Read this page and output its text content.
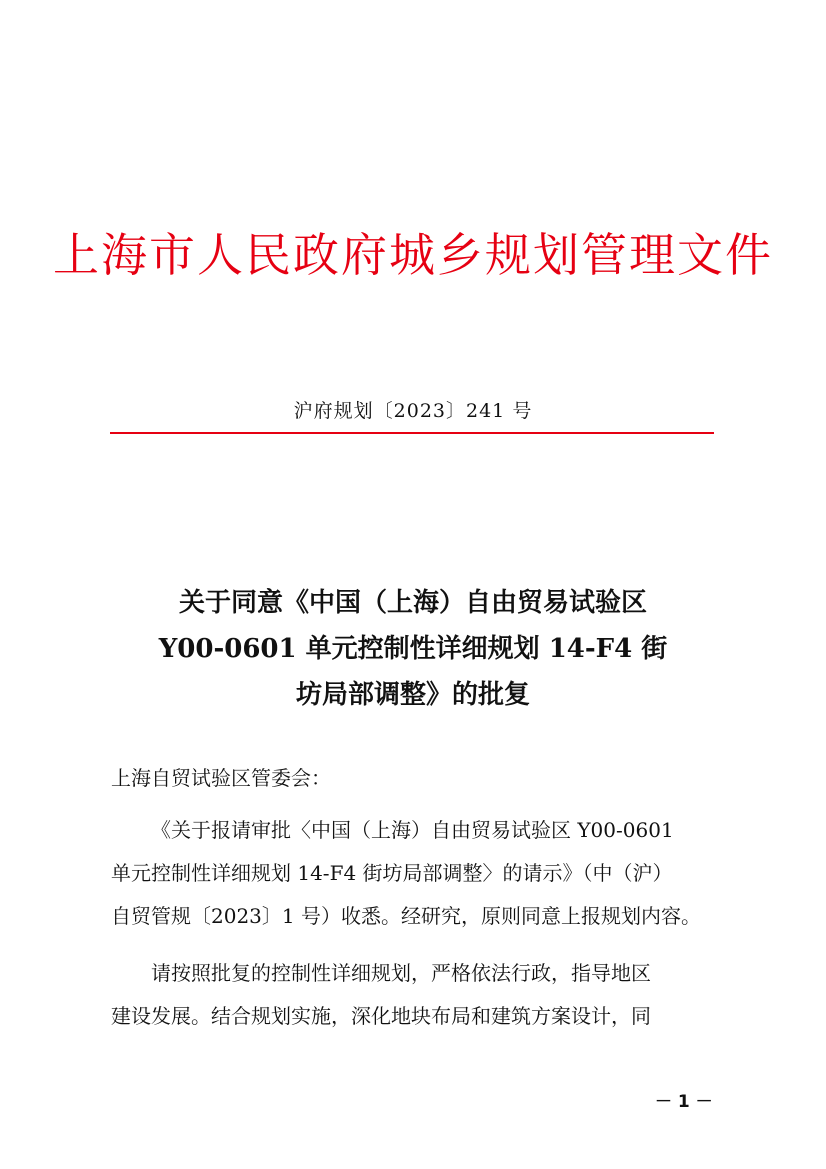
上海市人民政府城乡规划管理文件
沪府规划〔2023〕241 号
关于同意《中国（上海）自由贸易试验区
Y00-0601 单元控制性详细规划 14-F4 街
坊局部调整》的批复
上海自贸试验区管委会：
《关于报请审批〈中国（上海）自由贸易试验区 Y00-0601
单元控制性详细规划 14-F4 街坊局部调整〉的请示》（中（沪）
自贸管规〔2023〕1 号）收悉。经研究，原则同意上报规划内容。
请按照批复的控制性详细规划，严格依法行政，指导地区
建设发展。结合规划实施，深化地块布局和建筑方案设计，同
－ 1 －
